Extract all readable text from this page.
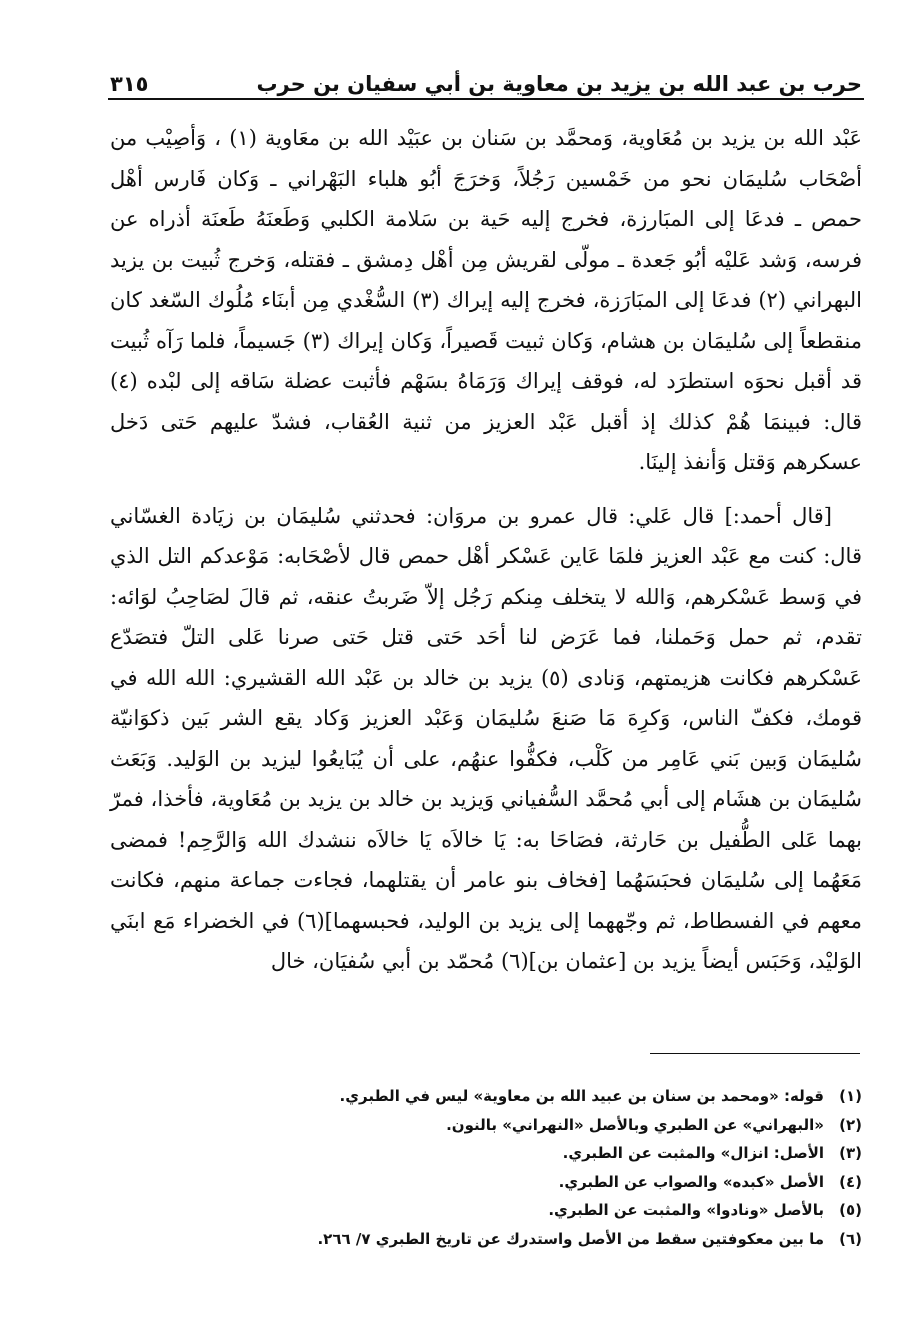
حرب بن عبد الله بن يزيد بن معاوية بن أبي سفيان بن حرب
٣١٥

عَبْد الله بن يزيد بن مُعَاوية، وَمحمَّد بن سَنان بن عبَيْد الله بن معَاوية (١) ، وَأصِيْب من أصْحَاب سُليمَان نحو من خَمْسين رَجُلاً، وَخرَجَ أبُو هلباء البَهْراني ـ وَكان فَارس أهْل حمص ـ فدعَا إلى المبَارزة، فخرج إليه حَية بن سَلامة الكلبي وَطَعنَهُ طَعنَة أذراه عن فرسه، وَشد عَليْه أبُو جَعدة ـ مولّى لقريش مِن أهْل دِمشق ـ فقتله، وَخرج ثُبيت بن يزيد البهراني (٢) فدعَا إلى المبَارَزة، فخرج إليه إيراك (٣) السُّغْدي مِن أبنَاء مُلُوك السّغد كان منقطعاً إلى سُليمَان بن هشام، وَكان ثبيت قَصيراً، وَكان إيراك (٣) جَسيماً، فلما رَآه ثُبيت قد أقبل نحوَه استطرَد له، فوقف إيراك وَرَمَاهُ بسَهْم فأثبت عضلة سَاقه إلى لبْده (٤) قال: فبينمَا هُمْ كذلك إذ أقبل عَبْد العزيز من ثنية العُقاب، فشدّ عليهم حَتى دَخل عسكرهم وَقتل وَأنفذ إلينَا.

[قال أحمد:] قال عَلي: قال عمرو بن مروَان: فحدثني سُليمَان بن زيَادة الغسّاني قال: كنت مع عَبْد العزيز فلمَا عَاين عَسْكر أهْل حمص قال لأصْحَابه: مَوْعدكم التل الذي في وَسط عَسْكرهم، وَالله لا يتخلف مِنكم رَجُل إلاّ ضَربتُ عنقه، ثم قالَ لصَاحِبُ لوَائه: تقدم، ثم حمل وَحَملنا، فما عَرَض لنا أحَد حَتى قتل حَتى صرنا عَلى التلّ فتصَدّع عَسْكرهم فكانت هزيمتهم، وَنادى (٥) يزيد بن خالد بن عَبْد الله القشيري: الله الله في قومك، فكفّ الناس، وَكرِهَ مَا صَنعَ سُليمَان وَعَبْد العزيز وَكاد يقع الشر بَين ذكوَانيّة سُليمَان وَبين بَني عَامِر من كَلْب، فكفُّوا عنهُم، على أن يُبَايعُوا ليزيد بن الوَليد. وَبَعَث سُليمَان بن هشَام إلى أبي مُحمَّد السُّفياني وَيزيد بن خالد بن يزيد بن مُعَاوية، فأخذا، فمرّ بهما عَلى الطُّفيل بن حَارثة، فصَاحَا به: يَا خالاَه يَا خالاَه ننشدك الله وَالرَّحِم! فمضى مَعَهُما إلى سُليمَان فحبَسَهُما [فخاف بنو عامر أن يقتلهما، فجاءت جماعة منهم، فكانت معهم في الفسطاط، ثم وجّههما إلى يزيد بن الوليد، فحبسهما](٦) في الخضراء مَع ابنَي الوَليْد، وَحَبَس أيضاً يزيد بن [عثمان بن](٦) مُحمّد بن أبي سُفيَان، خال

(١)
قوله: «ومحمد بن سنان بن عبيد الله بن معاوية» ليس في الطبري.
(٢)
«البهراني» عن الطبري وبالأصل «النهراني» بالنون.
(٣)
الأصل: انزال» والمثبت عن الطبري.
(٤)
الأصل «كبده» والصواب عن الطبري.
(٥)
بالأصل «ونادوا» والمثبت عن الطبري.
(٦)
ما بين معكوفتين سقط من الأصل واستدرك عن تاريخ الطبري ٧/ ٢٦٦.
